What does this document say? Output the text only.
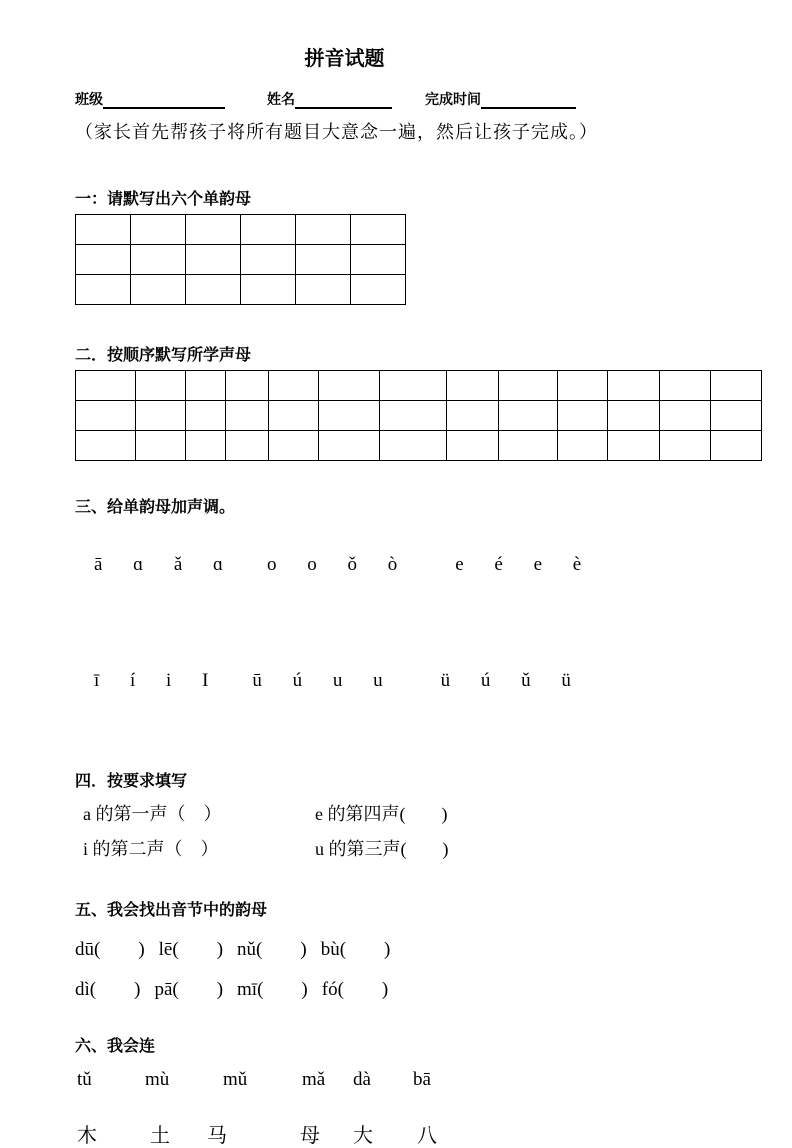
拼音试题
班级	姓名	完成时间
（家长首先帮孩子将所有题目大意念一遍，然后让孩子完成。）
一：请默写出六个单韵母

二．按顺序默写所学声母

三、给单韵母加声调。

ā ɑ ǎ ɑ o o ǒ ò	e é e è

ī í i I ū ú u u	ü ú ǔ ü

四．按要求填写
a 的第一声（　）	e 的第四声(　　)
i 的第二声（　）	u 的第三声(　　)
五、我会找出音节中的韵母
dū(　　) lē(　　) nǔ(　　) bù(　　)
dì(　　) pā(　　) mī(　　) fó(　　)
六、我会连
tǔ	mù	mǔ	mǎ dà bā
木	土 马	母 大 八
